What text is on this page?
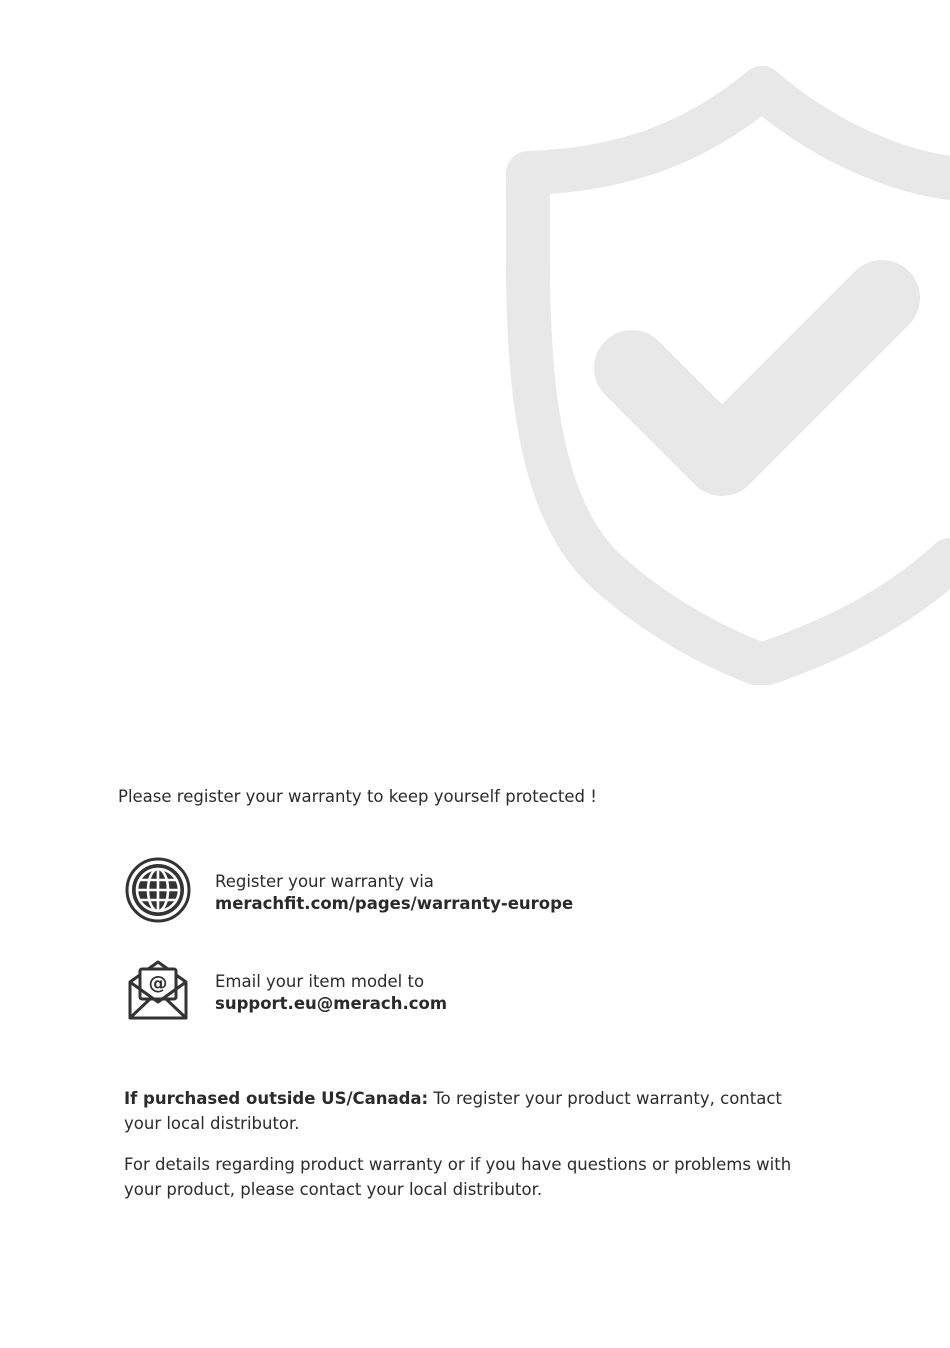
Please register your warranty to keep yourself protected !
Register your warranty via
merachfit.com/pages/warranty-europe
@	Email your item model to
support.eu@merach.com
If purchased outside US/Canada: To register your product warranty, contact your local distributor.
For details regarding product warranty or if you have questions or problems with your product, please contact your local distributor.
